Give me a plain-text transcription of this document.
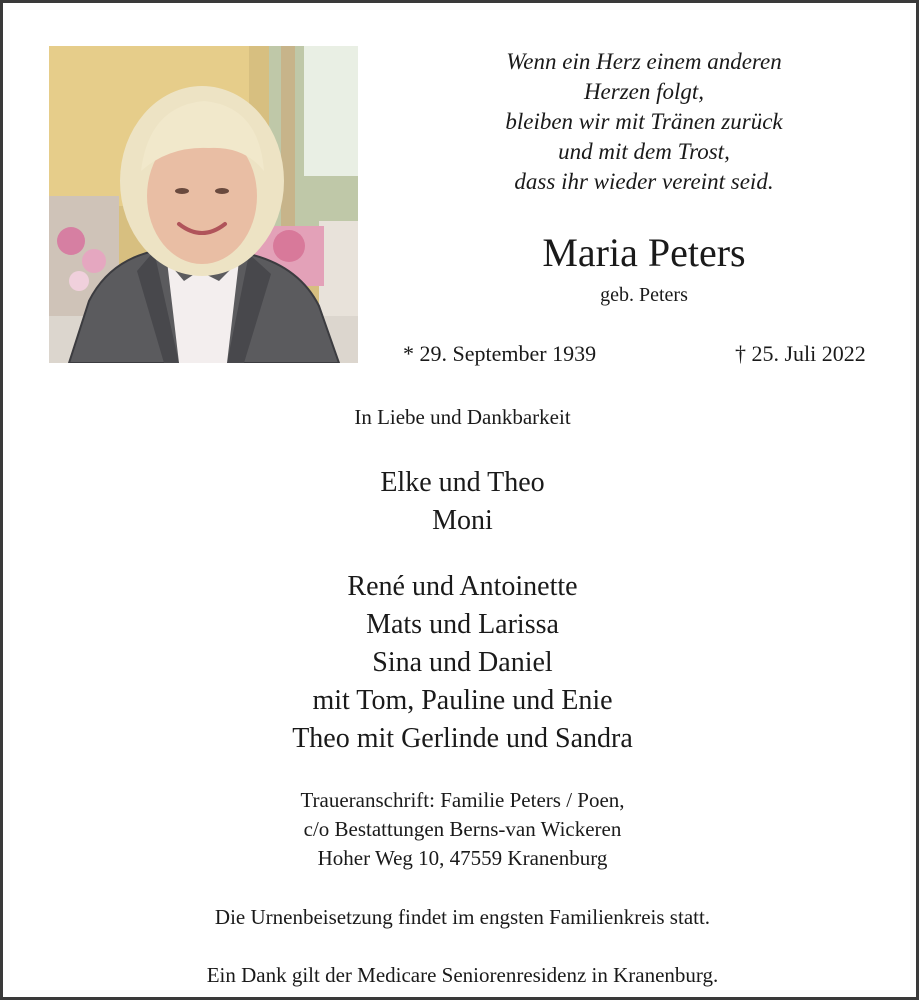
Wenn ein Herz einem anderen
Herzen folgt,
bleiben wir mit Tränen zurück
und mit dem Trost,
dass ihr wieder vereint seid.
Maria Peters
geb. Peters
* 29. September 1939	† 25. Juli 2022
In Liebe und Dankbarkeit
Elke und Theo
Moni
René und Antoinette
Mats und Larissa
Sina und Daniel
mit Tom, Pauline und Enie
Theo mit Gerlinde und Sandra
Traueranschrift: Familie Peters / Poen,
c/o Bestattungen Berns-van Wickeren
Hoher Weg 10, 47559 Kranenburg
Die Urnenbeisetzung findet im engsten Familienkreis statt.
Ein Dank gilt der Medicare Seniorenresidenz in Kranenburg.
